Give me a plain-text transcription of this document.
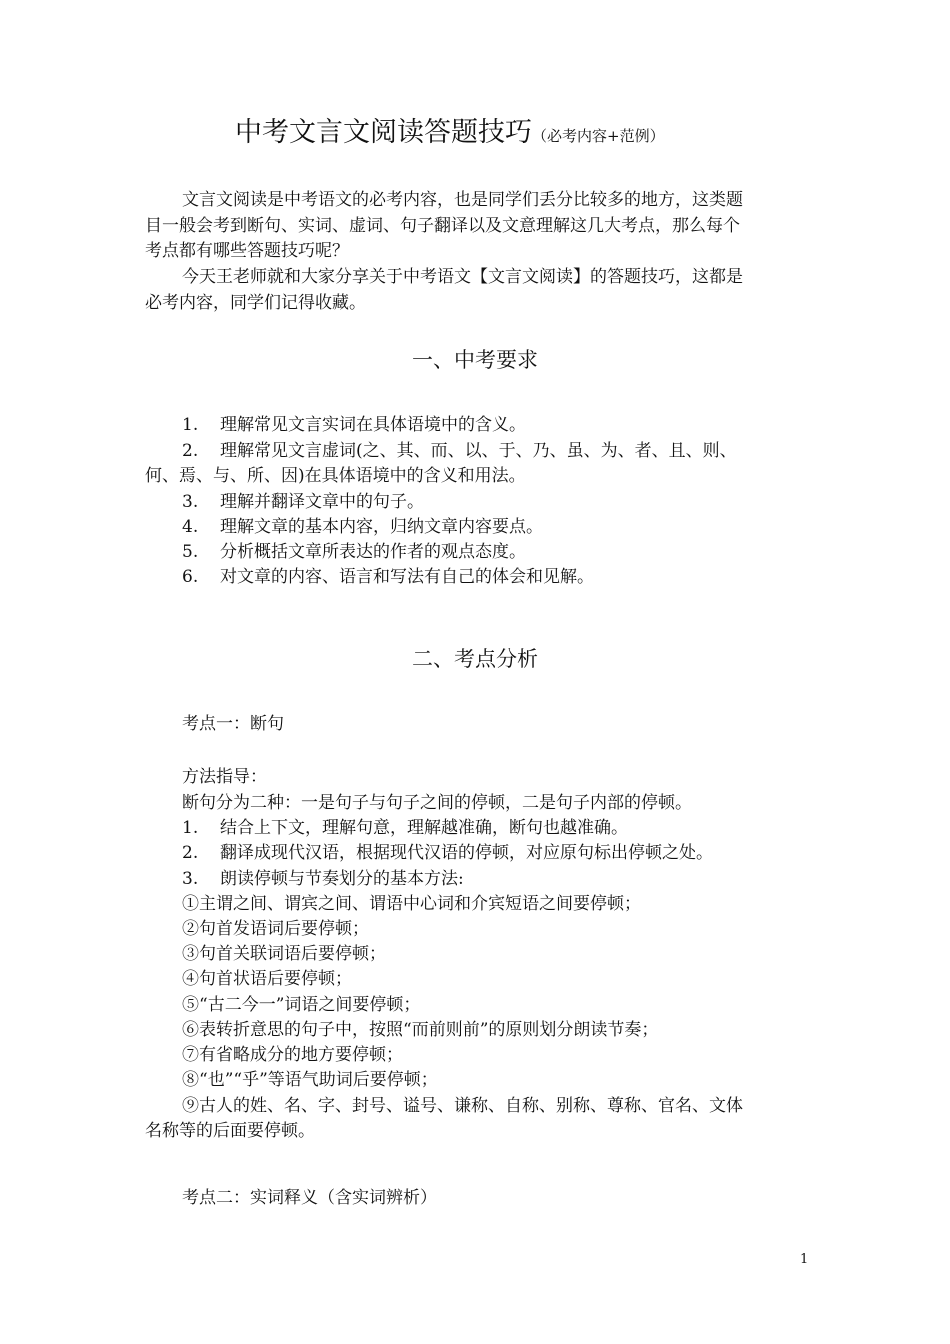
中考文言文阅读答题技巧（必考内容+范例）
文言文阅读是中考语文的必考内容，也是同学们丢分比较多的地方，这类题
目一般会考到断句、实词、虚词、句子翻译以及文意理解这几大考点，那么每个
考点都有哪些答题技巧呢？
今天王老师就和大家分享关于中考语文【文言文阅读】的答题技巧，这都是
必考内容，同学们记得收藏。
一、中考要求
1. 理解常见文言实词在具体语境中的含义。
2. 理解常见文言虚词(之、其、而、以、于、乃、虽、为、者、且、则、
何、焉、与、所、因)在具体语境中的含义和用法。
3. 理解并翻译文章中的句子。
4. 理解文章的基本内容，归纳文章内容要点。
5. 分析概括文章所表达的作者的观点态度。
6. 对文章的内容、语言和写法有自己的体会和见解。
二、考点分析
考点一：断句
方法指导：
断句分为二种：一是句子与句子之间的停顿，二是句子内部的停顿。
1. 结合上下文，理解句意，理解越准确，断句也越准确。
2. 翻译成现代汉语，根据现代汉语的停顿，对应原句标出停顿之处。
3. 朗读停顿与节奏划分的基本方法:
①主谓之间、谓宾之间、谓语中心词和介宾短语之间要停顿；
②句首发语词后要停顿；
③句首关联词语后要停顿；
④句首状语后要停顿；
⑤“古二今一”词语之间要停顿；
⑥表转折意思的句子中，按照“而前则前”的原则划分朗读节奏；
⑦有省略成分的地方要停顿；
⑧“也”“乎”等语气助词后要停顿；
⑨古人的姓、名、字、封号、谥号、谦称、自称、别称、尊称、官名、文体
名称等的后面要停顿。
考点二：实词释义（含实词辨析）
1
